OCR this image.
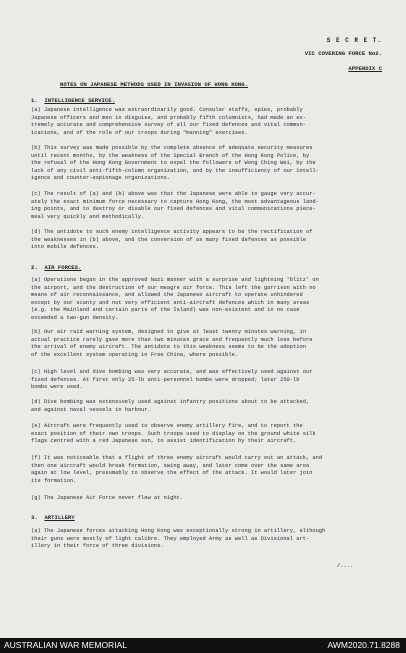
S E C R E T.
VIC COVERING FORCE No2.
APPENDIX C
NOTES ON JAPANESE METHODS USED IN INVASION OF HONG KONG.
1. INTELLIGENCE SERVICE.
(a) Japanese intelligence was extraordinarily good. Consular staffs, spies, probably
Japanese officers and men in disguise, and probably fifth columnists, had made an ex-
tremely accurate and comprehensive survey of all our fixed defences and vital commun-
ications, and of the role of our troops during "manning" exercises.
(b) This survey was made possible by the complete absence of adequate security measures
until recent months, by the weakness of the Special Branch of the Hong Kong Police, by
the refusal of the Hong Kong Government to expel the followers of Wong Ching Wei, by the
lack of any civil anti-fifth-column organization, and by the insufficiency of our intell-
igence and counter-espionage organizations.
(c) The result of (a) and (b) above was that the Japanese were able to gauge very accur-
ately the exact minimum force necessary to capture Hong Kong, the most advantageous land-
ing points, and to destroy or disable our fixed defences and vital communications piece-
meal very quickly and methodically.
(d) The antidote to such enemy intelligence activity appears to be the rectification of
the weaknesses in (b) above, and the conversion of as many fixed defences as possible
into mobile defences.
2. AIR FORCES.
(a) Operations began in the approved Nazi manner with a surprise and lightning 'blitz' on
the airport, and the destruction of our meagre air force. This left the garrison with no
means of air reconnaissance, and allowed the Japanese aircraft to operate unhindered
except by our scanty and not very efficient anti-aircraft defences which in many areas
(e.g. the Mainland and certain parts of the Island) was non-existent and in no case
exceeded a two-gun density.
(b) Our air raid warning system, designed to give at least twenty minutes warning, in
actual practice rarely gave more than two minutes grace and frequently much less before
the arrival of enemy aircraft. The antidote to this weakness seems to be the adoption
of the excellent system operating in Free China, where possible.
(c) High level and dive bombing was very accurate, and was effectively used against our
fixed defences. At first only 25-lb anti-personnel bombs were dropped; later 250-lb
bombs were used.
(d) Dive bombing was extensively used against infantry positions about to be attacked,
and against naval vessels in harbour.
(e) Aircraft were frequently used to observe enemy artillery fire, and to report the
exact position of their own troops. Such troops used to display on the ground white silk
flags centred with a red Japanese sun, to assist identification by their aircraft.
(f) It was noticeable that a flight of three enemy aircraft would carry out an attack, and
then one aircraft would break formation, swing away, and later come over the same area
again at low level, presumably to observe the effect of the attack. It would later join
its formation.
(g) The Japanese Air Force never flew at night.
3. ARTILLERY
(a) The Japanese forces attacking Hong Kong was exceptionally strong in artillery, although
their guns were mostly of light calibre. They employed Army as well as Divisional art-
illery in their force of three divisions.
/....
AUSTRALIAN WAR MEMORIAL	AWM2020.71.8288
